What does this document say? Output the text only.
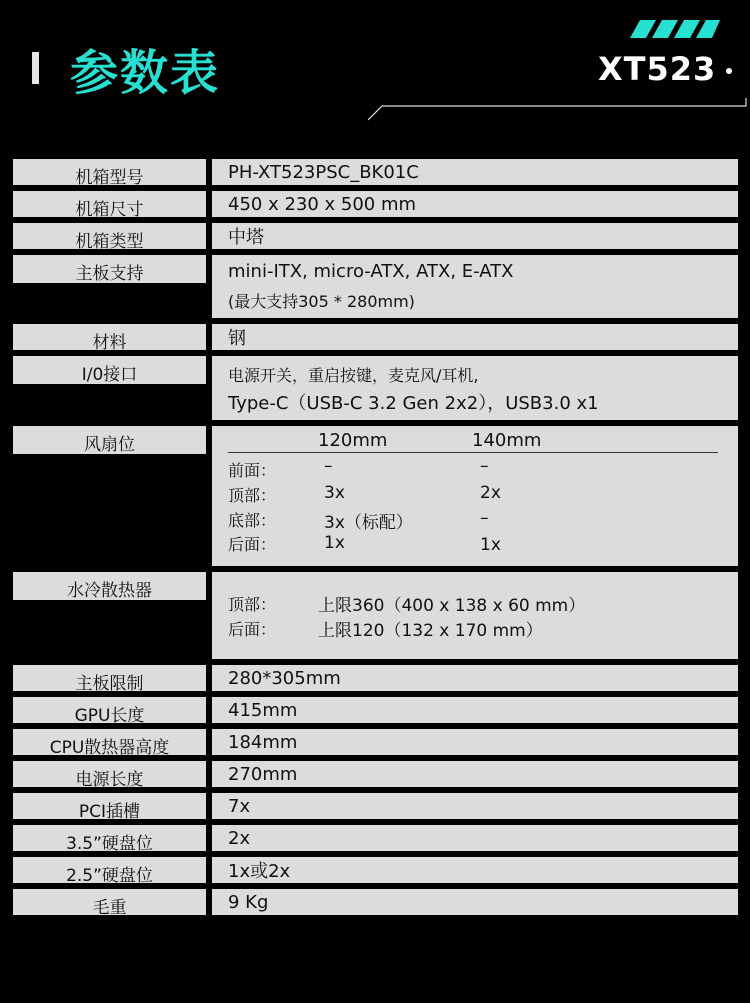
参数表	XT523
机箱型号	PH-XT523PSC_BK01C
机箱尺寸	450 x 230 x 500 mm
机箱类型	中塔
主板支持	mini-ITX, micro-ATX, ATX, E-ATX
(最大支持305 * 280mm)
材料	钢
I/0接口	电源开关，重启按键，麦克风/耳机,
Type-C（USB-C 3.2 Gen 2x2），USB3.0 x1
风扇位	120mm	140mm
前面：	–	–
顶部：	3x	2x
底部：	3x（标配）	–
后面：	1x	1x
水冷散热器
顶部： 上限360（400 x 138 x 60 mm）
后面： 上限120（132 x 170 mm）
主板限制	280*305mm
GPU长度	415mm
CPU散热器高度	184mm
电源长度	270mm
PCI插槽	7x
3.5”硬盘位	2x
2.5”硬盘位	1x或2x
毛重	9 Kg
